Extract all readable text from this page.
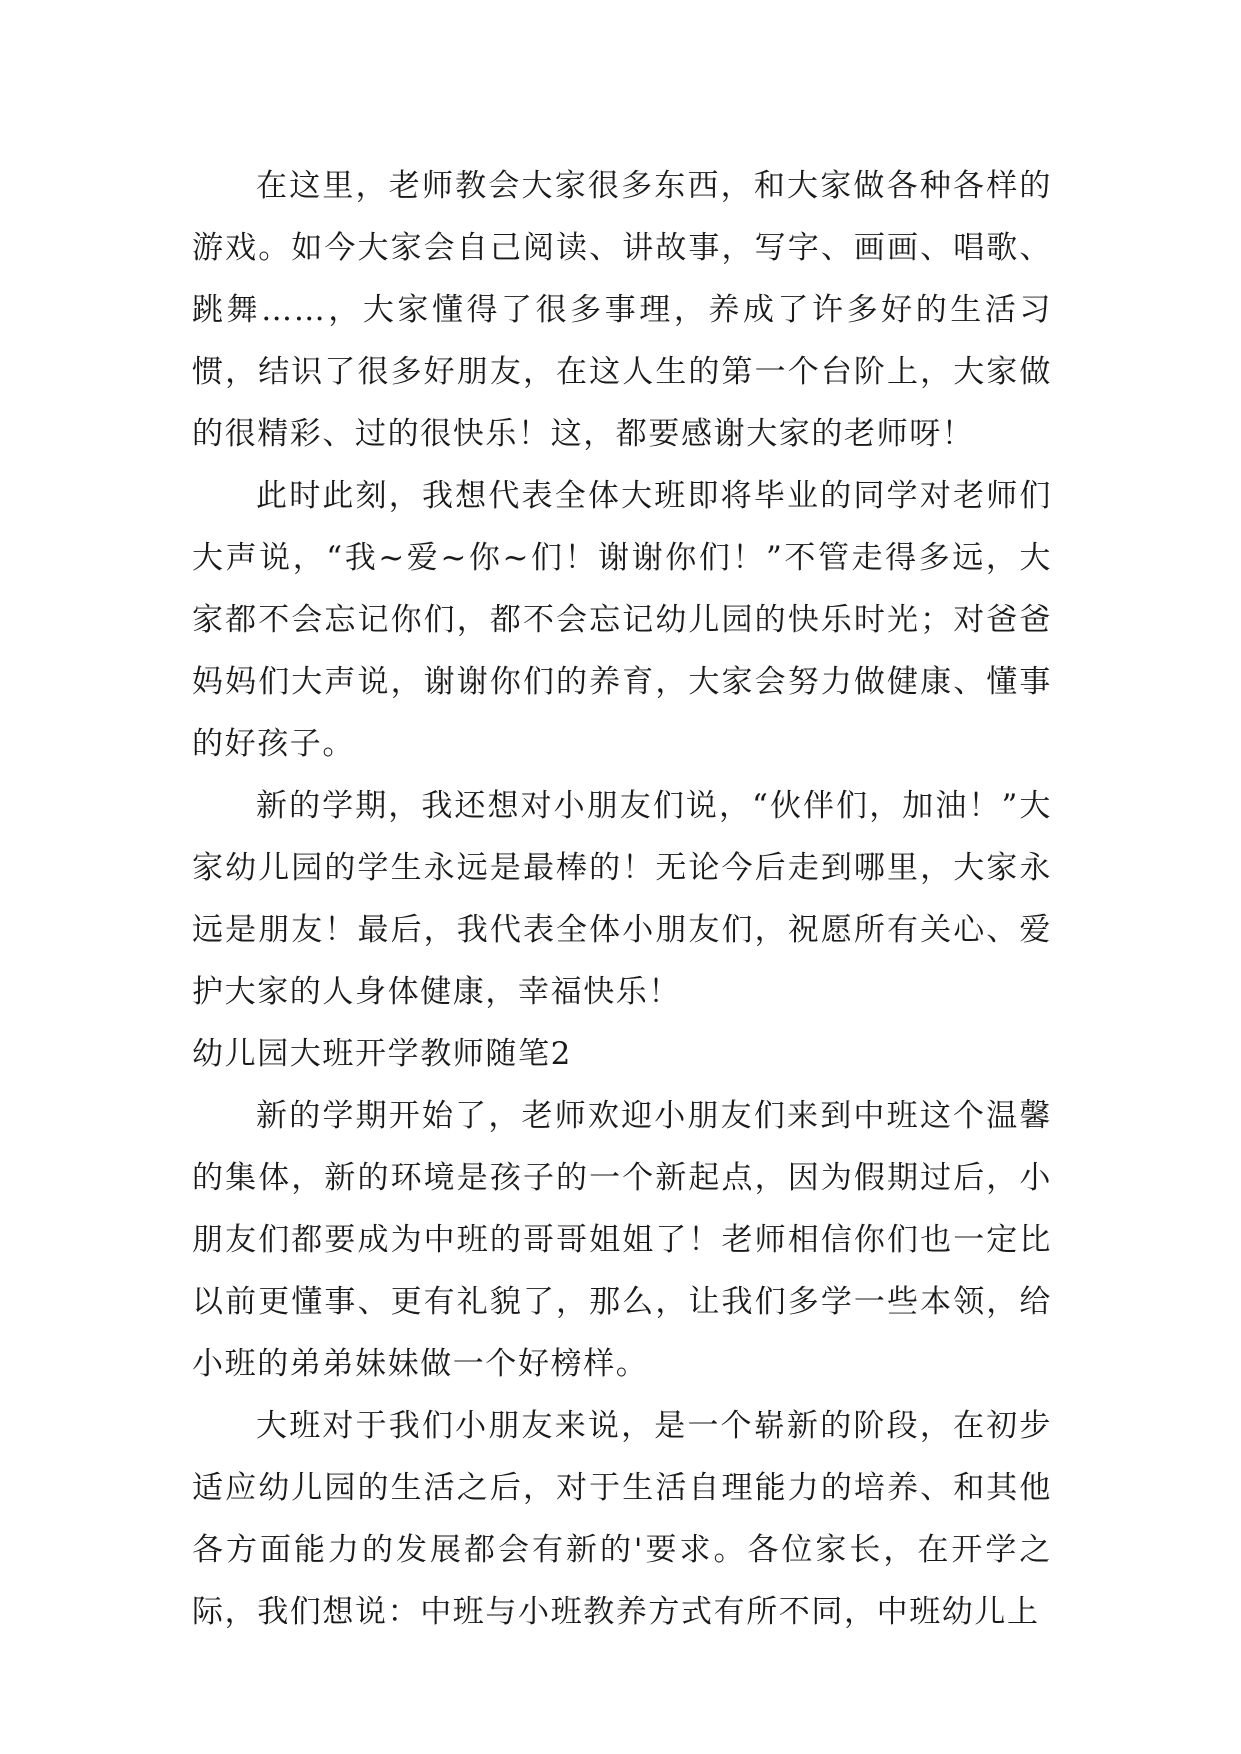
在这里，老师教会大家很多东西，和大家做各种各样的游戏。如今大家会自己阅读、讲故事，写字、画画、唱歌、跳舞……，大家懂得了很多事理，养成了许多好的生活习惯，结识了很多好朋友，在这人生的第一个台阶上，大家做的很精彩、过的很快乐！这，都要感谢大家的老师呀！

此时此刻，我想代表全体大班即将毕业的同学对老师们大声说，“我~爱~你~们！谢谢你们！”不管走得多远，大家都不会忘记你们，都不会忘记幼儿园的快乐时光；对爸爸妈妈们大声说，谢谢你们的养育，大家会努力做健康、懂事的好孩子。

新的学期，我还想对小朋友们说，“伙伴们，加油！”大家幼儿园的学生永远是最棒的！无论今后走到哪里，大家永远是朋友！最后，我代表全体小朋友们，祝愿所有关心、爱护大家的人身体健康，幸福快乐！

幼儿园大班开学教师随笔2

新的学期开始了，老师欢迎小朋友们来到中班这个温馨的集体，新的环境是孩子的一个新起点，因为假期过后，小朋友们都要成为中班的哥哥姐姐了！老师相信你们也一定比以前更懂事、更有礼貌了，那么，让我们多学一些本领，给小班的弟弟妹妹做一个好榜样。

大班对于我们小朋友来说，是一个崭新的阶段，在初步适应幼儿园的生活之后，对于生活自理能力的培养、和其他各方面能力的发展都会有新的'要求。各位家长，在开学之际，我们想说：中班与小班教养方式有所不同，中班幼儿上
